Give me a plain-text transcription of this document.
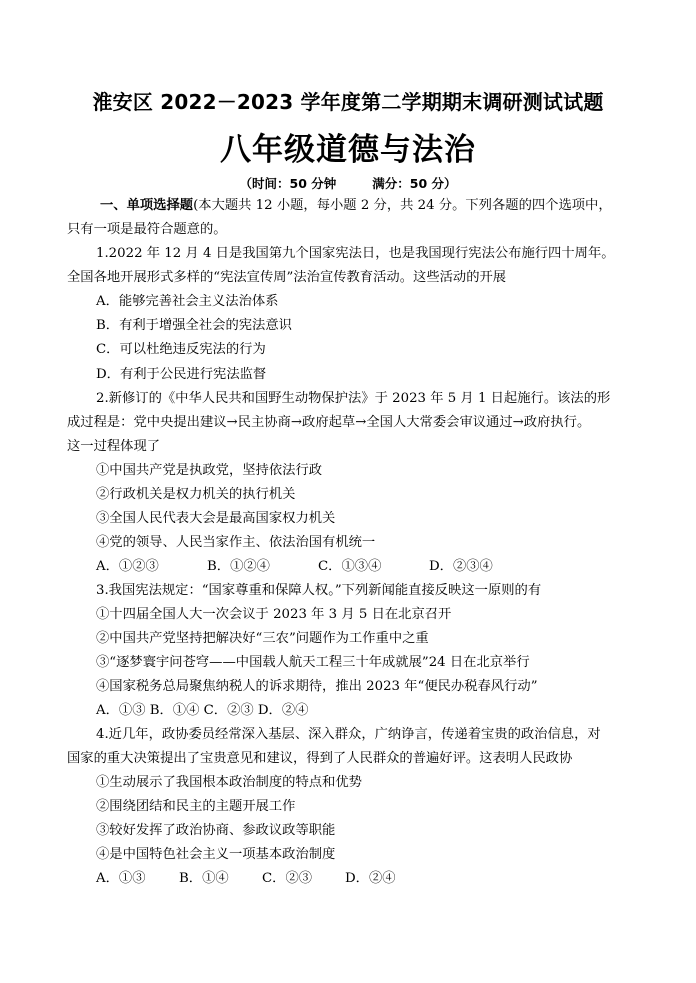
淮安区 2022－2023 学年度第二学期期末调研测试试题
八年级道德与法治
（时间：50 分钟	满分：50 分）
一、单项选择题(本大题共 12 小题，每小题 2 分，共 24 分。下列各题的四个选项中，
只有一项是最符合题意的。
1.2022 年 12 月 4 日是我国第九个国家宪法日，也是我国现行宪法公布施行四十周年。
全国各地开展形式多样的“宪法宣传周”法治宣传教育活动。这些活动的开展
A．能够完善社会主义法治体系
B．有利于增强全社会的宪法意识
C．可以杜绝违反宪法的行为
D．有利于公民进行宪法监督
2.新修订的《中华人民共和国野生动物保护法》于 2023 年 5 月 1 日起施行。该法的形
成过程是：党中央提出建议→民主协商→政府起草→全国人大常委会审议通过→政府执行。
这一过程体现了
①中国共产党是执政党，坚持依法行政
②行政机关是权力机关的执行机关
③全国人民代表大会是最高国家权力机关
④党的领导、人民当家作主、依法治国有机统一
A．①②③	B．①②④	C．①③④	D．②③④
3.我国宪法规定：“国家尊重和保障人权。”下列新闻能直接反映这一原则的有
①十四届全国人大一次会议于 2023 年 3 月 5 日在北京召开
②中国共产党坚持把解决好“三农”问题作为工作重中之重
③“逐梦寰宇问苍穹——中国载人航天工程三十年成就展”24 日在北京举行
④国家税务总局聚焦纳税人的诉求期待，推出 2023 年“便民办税春风行动”
A．①③ B．①④ C．②③ D．②④
4.近几年，政协委员经常深入基层、深入群众，广纳诤言，传递着宝贵的政治信息，对
国家的重大决策提出了宝贵意见和建议，得到了人民群众的普遍好评。这表明人民政协
①生动展示了我国根本政治制度的特点和优势
②围绕团结和民主的主题开展工作
③较好发挥了政治协商、参政议政等职能
④是中国特色社会主义一项基本政治制度
A．①③	B．①④	C．②③ D．②④
